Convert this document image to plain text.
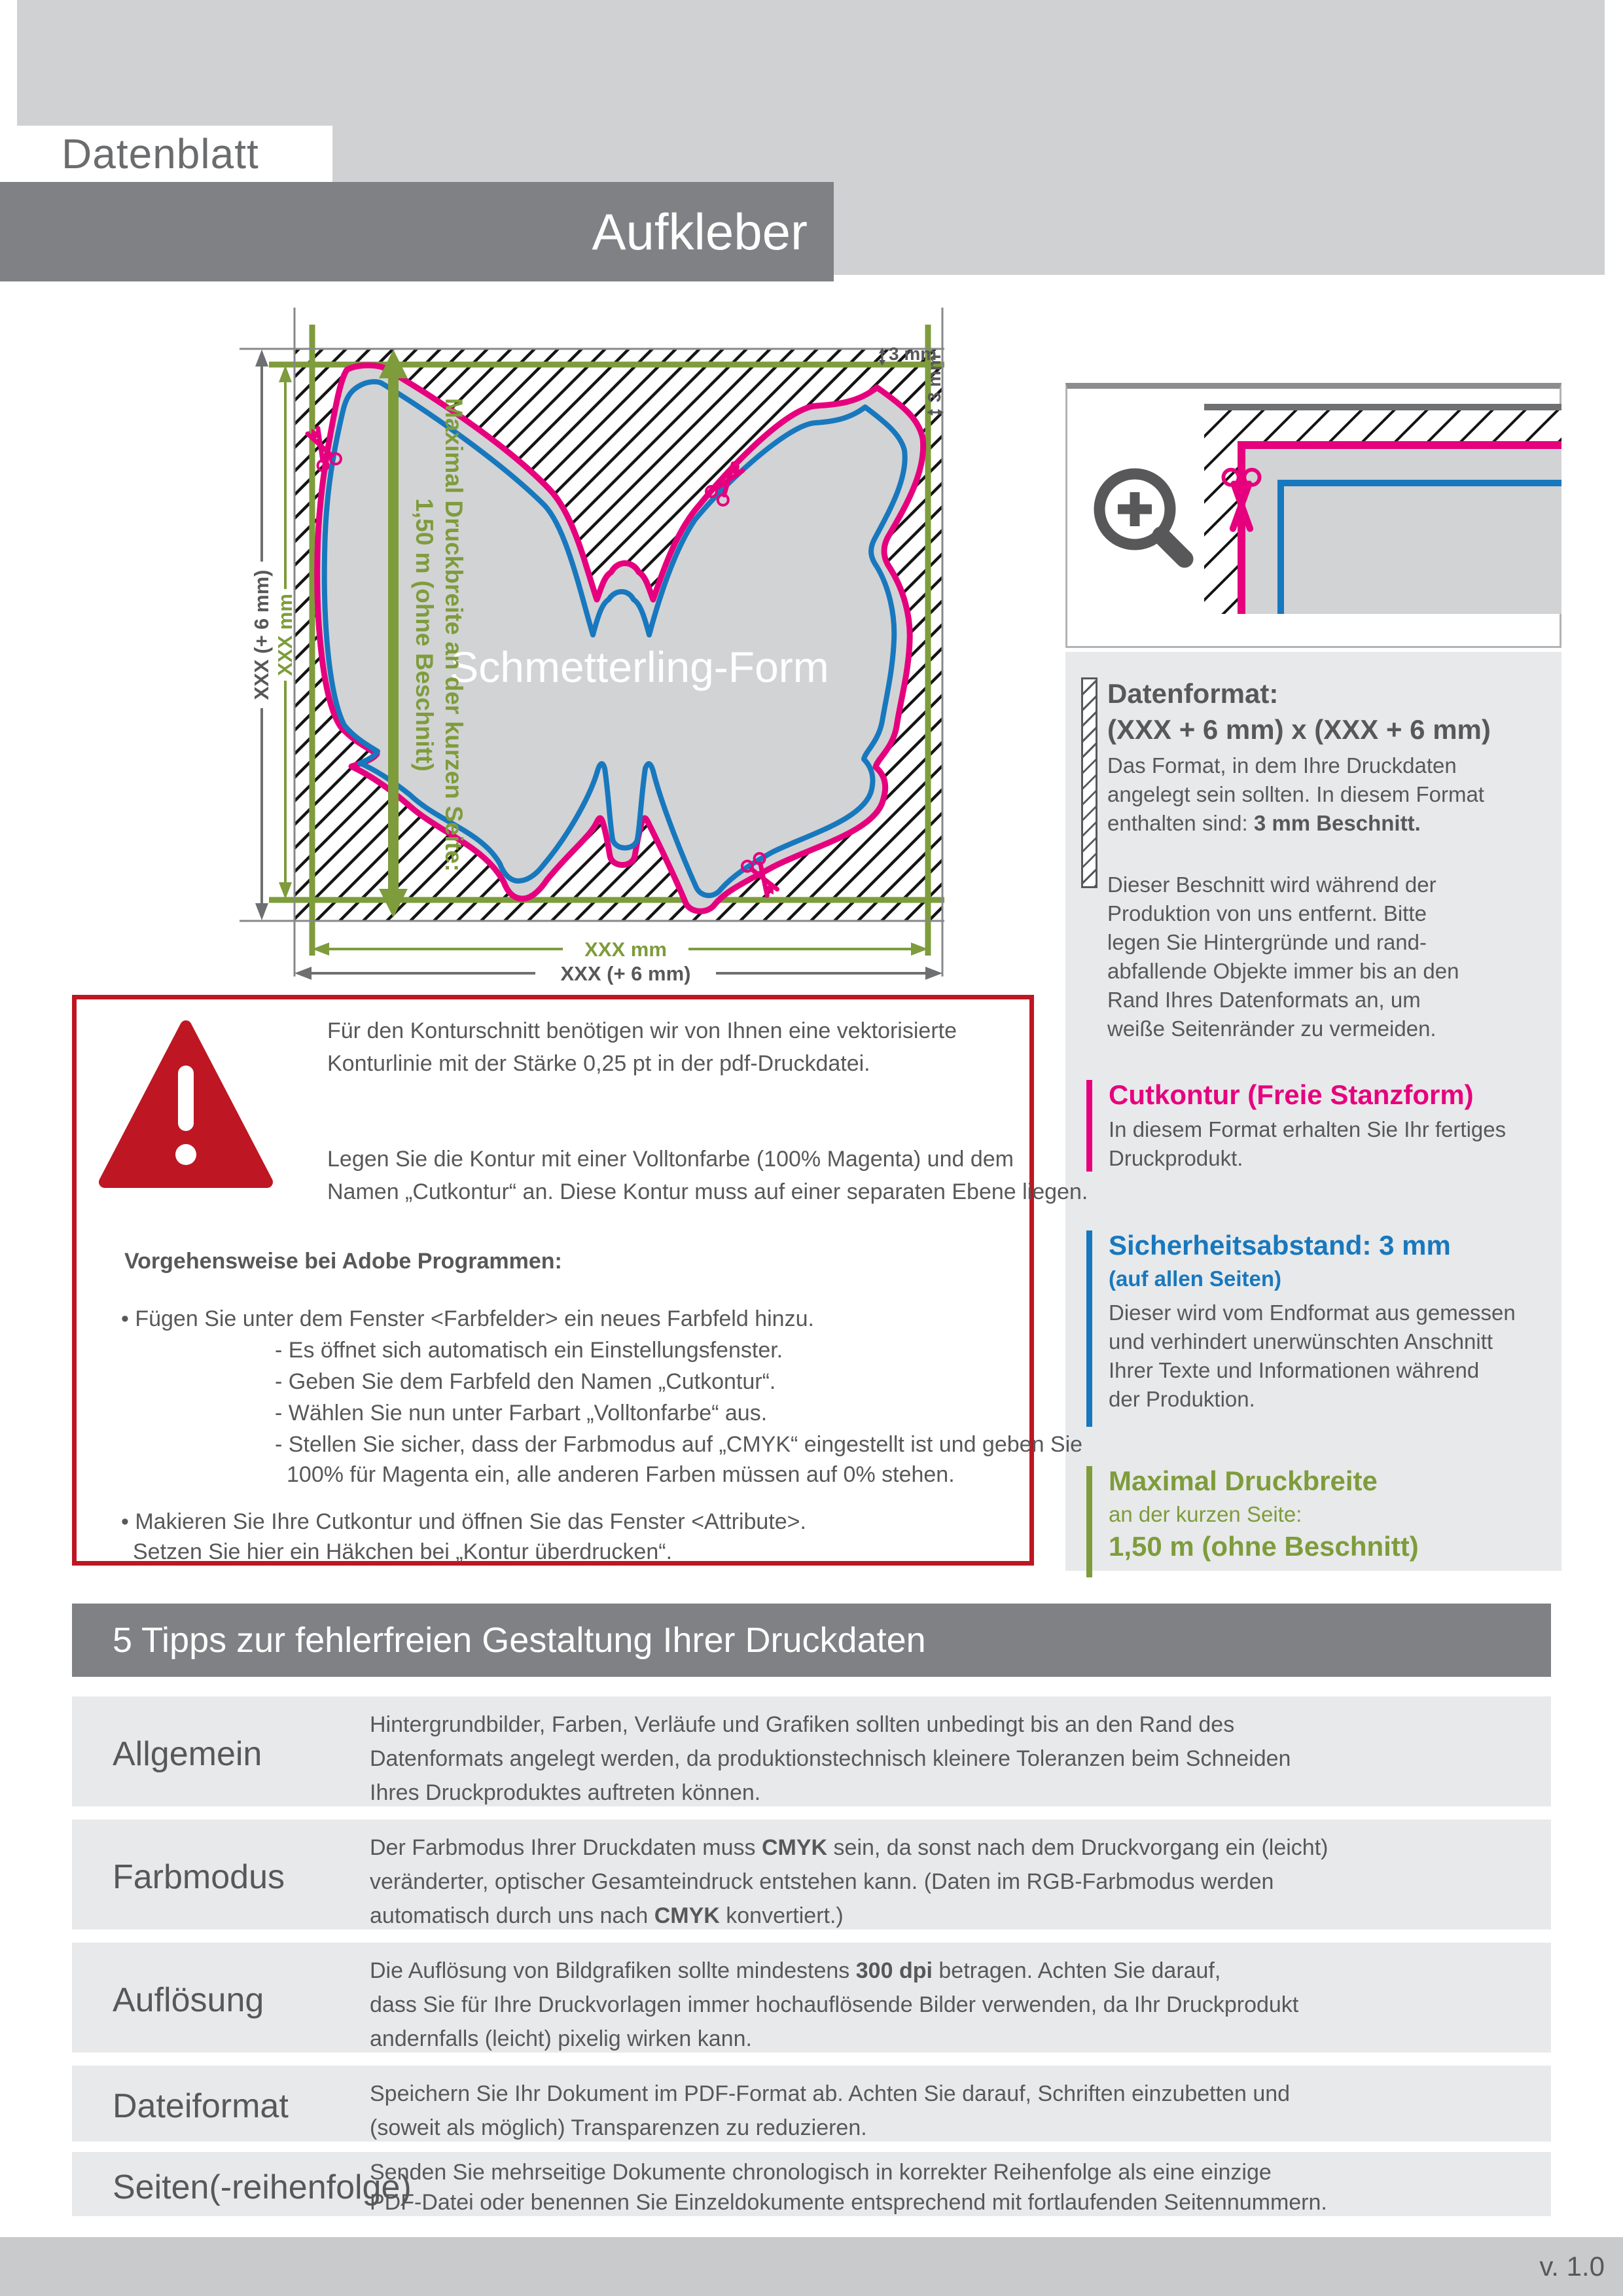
Datenblatt
Aufkleber
Schmetterling-Form
Maximal Druckbreite an der kurzen Seite:
1,50 m (ohne Beschnitt)
XXX (+ 6 mm) XXX mm
XXX mm
XXX (+ 6 mm)
3 mm
3 mm
Datenformat:
(XXX + 6 mm) x (XXX + 6 mm)
Das Format, in dem Ihre Druckdaten
angelegt sein sollten. In diesem Format
enthalten sind: 3 mm Beschnitt.
Dieser Beschnitt wird während der
Produktion von uns entfernt. Bitte
legen Sie Hintergründe und rand-
abfallende Objekte immer bis an den
Rand Ihres Datenformats an, um
weiße Seitenränder zu vermeiden.
Cutkontur (Freie Stanzform)
In diesem Format erhalten Sie Ihr fertiges
Druckprodukt.
Sicherheitsabstand: 3 mm
(auf allen Seiten)
Dieser wird vom Endformat aus gemessen
und verhindert unerwünschten Anschnitt
Ihrer Texte und Informationen während
der Produktion.
Maximal Druckbreite
an der kurzen Seite:
1,50 m (ohne Beschnitt)
Für den Konturschnitt benötigen wir von Ihnen eine vektorisierte
Konturlinie mit der Stärke 0,25 pt in der pdf-Druckdatei.
Legen Sie die Kontur mit einer Volltonfarbe (100% Magenta) und dem
Namen „Cutkontur“ an. Diese Kontur muss auf einer separaten Ebene liegen.
Vorgehensweise bei Adobe Programmen:
• Fügen Sie unter dem Fenster <Farbfelder> ein neues Farbfeld hinzu.
- Es öffnet sich automatisch ein Einstellungsfenster.
- Geben Sie dem Farbfeld den Namen „Cutkontur“.
- Wählen Sie nun unter Farbart „Volltonfarbe“ aus.
- Stellen Sie sicher, dass der Farbmodus auf „CMYK“ eingestellt ist und geben Sie
100% für Magenta ein, alle anderen Farben müssen auf 0% stehen.
• Makieren Sie Ihre Cutkontur und öffnen Sie das Fenster <Attribute>.
Setzen Sie hier ein Häkchen bei „Kontur überdrucken“.
5 Tipps zur fehlerfreien Gestaltung Ihrer Druckdaten
Allgemein
Hintergrundbilder, Farben, Verläufe und Grafiken sollten unbedingt bis an den Rand des
Datenformats angelegt werden, da produktionstechnisch kleinere Toleranzen beim Schneiden
Ihres Druckproduktes auftreten können.
Farbmodus
Der Farbmodus Ihrer Druckdaten muss CMYK sein, da sonst nach dem Druckvorgang ein (leicht)
veränderter, optischer Gesamteindruck entstehen kann. (Daten im RGB-Farbmodus werden
automatisch durch uns nach CMYK konvertiert.)
Auflösung
Die Auflösung von Bildgrafiken sollte mindestens 300 dpi betragen. Achten Sie darauf,
dass Sie für Ihre Druckvorlagen immer hochauflösende Bilder verwenden, da Ihr Druckprodukt
andernfalls (leicht) pixelig wirken kann.
Dateiformat	Speichern Sie Ihr Dokument im PDF-Format ab. Achten Sie darauf, Schriften einzubetten und
(soweit als möglich) Transparenzen zu reduzieren.
Seiten(-reihenfolge)
Senden Sie mehrseitige Dokumente chronologisch in korrekter Reihenfolge als eine einzige
PDF-Datei oder benennen Sie Einzeldokumente entsprechend mit fortlaufenden Seitennummern.
v. 1.0
